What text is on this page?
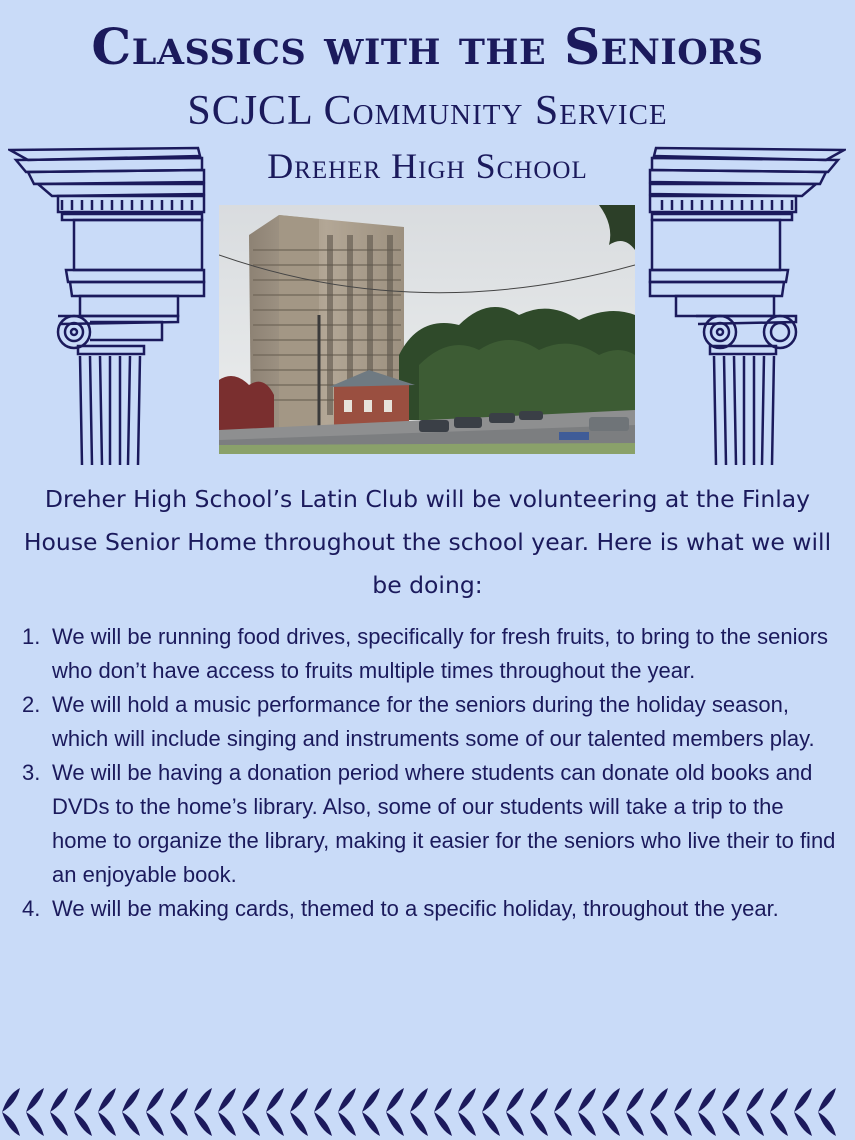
Classics with the Seniors
SCJCL Community Service
Dreher High School
Dreher High School’s Latin Club will be volunteering at the Finlay House Senior Home throughout the school year. Here is what we will be doing:
1. We will be running food drives, specifically for fresh fruits, to bring to the seniors who don’t have access to fruits multiple times throughout the year.
2. We will hold a music performance for the seniors during the holiday season, which will include singing and instruments some of our talented members play.
3. We will be having a donation period where students can donate old books and DVDs to the home’s library. Also, some of our students will take a trip to the home to organize the library, making it easier for the seniors who live their to find an enjoyable book.
4. We will be making cards, themed to a specific holiday, throughout the year.
